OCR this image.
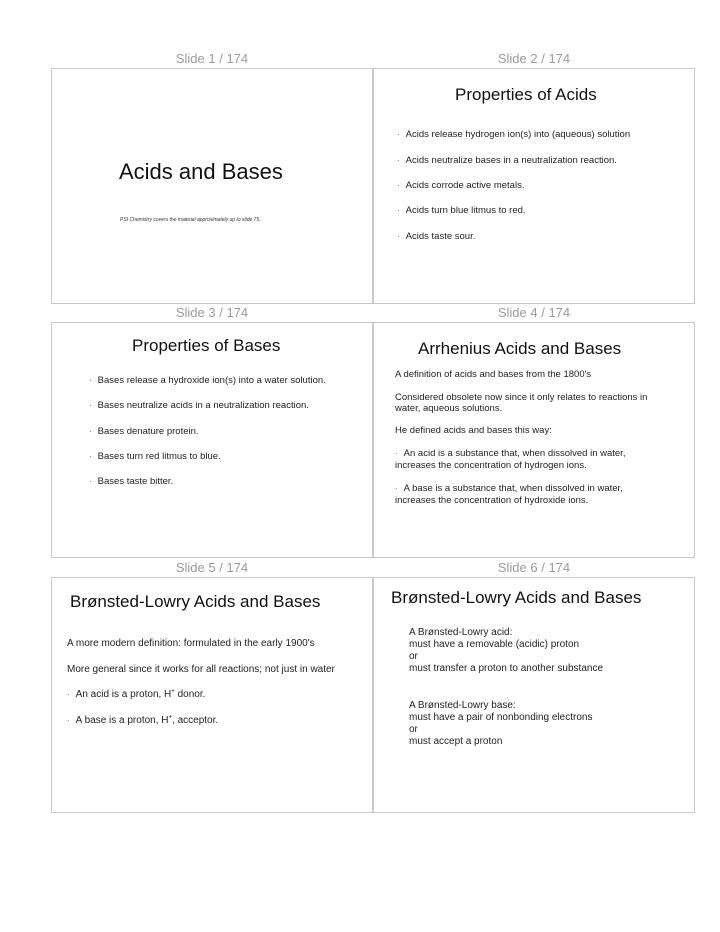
Slide 1 / 174	Slide 2 / 174
Slide 3 / 174	Slide 4 / 174
Slide 5 / 174	Slide 6 / 174
Acids and Bases
PSI Chemistry covers the material approximately up to slide 75.
Properties of Acids
· Acids release hydrogen ion(s) into (aqueous) solution
· Acids neutralize bases in a neutralization reaction.
· Acids corrode active metals.
· Acids turn blue litmus to red.
· Acids taste sour.
Properties of Bases
· Bases release a hydroxide ion(s) into a water solution.
· Bases neutralize acids in a neutralization reaction.
· Bases denature protein.
· Bases turn red litmus to blue.
· Bases taste bitter.
Arrhenius Acids and Bases
A definition of acids and bases from the 1800's
Considered obsolete now since it only relates to reactions in
water, aqueous solutions.
He defined acids and bases this way:
· An acid is a substance that, when dissolved in water,
increases the concentration of hydrogen ions.
· A base is a substance that, when dissolved in water,
increases the concentration of hydroxide ions.
Brønsted-Lowry Acids and Bases
A more modern definition: formulated in the early 1900's
More general since it works for all reactions; not just in water
· An acid is a proton, H+ donor.
· A base is a proton, H+, acceptor.
Brønsted-Lowry Acids and Bases
A Brønsted-Lowry acid:
must have a removable (acidic) proton
or
must transfer a proton to another substance
A Brønsted-Lowry base:
must have a pair of nonbonding electrons
or
must accept a proton
